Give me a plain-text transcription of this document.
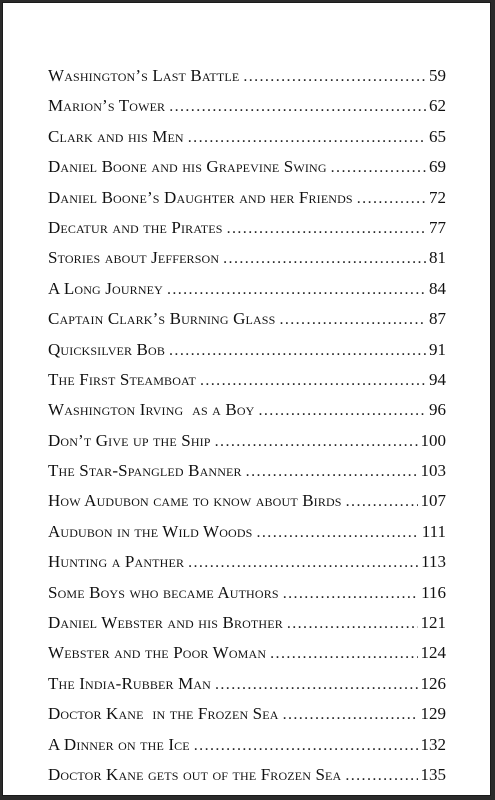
Washington’s Last Battle .....	59
Marion’s Tower .....	62
Clark and his Men .....	65
Daniel Boone and his Grapevine Swing .....	69
Daniel Boone’s Daughter and her Friends .....	72
Decatur and the Pirates .....	77
Stories about Jefferson .....	81
A Long Journey .....	84
Captain Clark’s Burning Glass .....	87
Quicksilver Bob .....	91
The First Steamboat .....	94
Washington Irving  as a Boy .....	96
Don’t Give up the Ship .....	100
The Star-Spangled Banner .....	103
How Audubon came to know about Birds .....	107
Audubon in the Wild Woods .....	111
Hunting a Panther .....	113
Some Boys who became Authors .....	116
Daniel Webster and his Brother .....	121
Webster and the Poor Woman .....	124
The India-Rubber Man .....	126
Doctor Kane  in the Frozen Sea .....	129
A Dinner on the Ice .....	132
Doctor Kane gets out of the Frozen Sea .....	135
